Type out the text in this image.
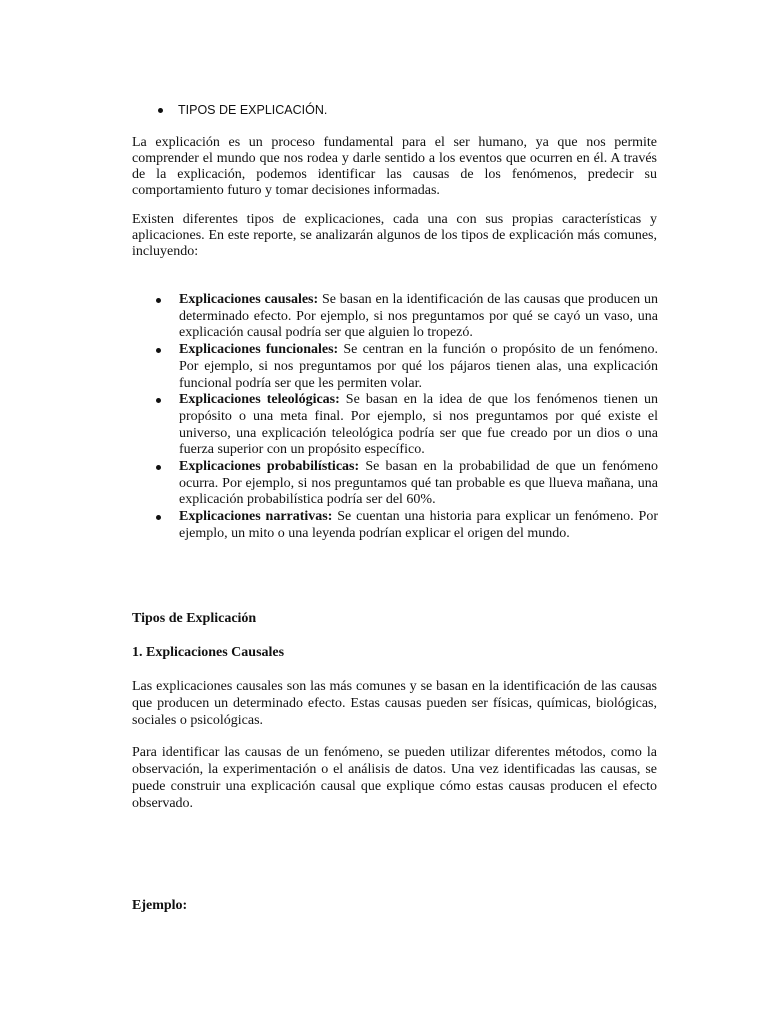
TIPOS DE EXPLICACIÓN.

La explicación es un proceso fundamental para el ser humano, ya que nos permite comprender el mundo que nos rodea y darle sentido a los eventos que ocurren en él. A través de la explicación, podemos identificar las causas de los fenómenos, predecir su comportamiento futuro y tomar decisiones informadas.

Existen diferentes tipos de explicaciones, cada una con sus propias características y aplicaciones. En este reporte, se analizarán algunos de los tipos de explicación más comunes, incluyendo:

Explicaciones causales: Se basan en la identificación de las causas que producen un determinado efecto. Por ejemplo, si nos preguntamos por qué se cayó un vaso, una explicación causal podría ser que alguien lo tropezó.
Explicaciones funcionales: Se centran en la función o propósito de un fenómeno. Por ejemplo, si nos preguntamos por qué los pájaros tienen alas, una explicación funcional podría ser que les permiten volar.
Explicaciones teleológicas: Se basan en la idea de que los fenómenos tienen un propósito o una meta final. Por ejemplo, si nos preguntamos por qué existe el universo, una explicación teleológica podría ser que fue creado por un dios o una fuerza superior con un propósito específico.
Explicaciones probabilísticas: Se basan en la probabilidad de que un fenómeno ocurra. Por ejemplo, si nos preguntamos qué tan probable es que llueva mañana, una explicación probabilística podría ser del 60%.
Explicaciones narrativas: Se cuentan una historia para explicar un fenómeno. Por ejemplo, un mito o una leyenda podrían explicar el origen del mundo.
Tipos de Explicación
1. Explicaciones Causales

Las explicaciones causales son las más comunes y se basan en la identificación de las causas que producen un determinado efecto. Estas causas pueden ser físicas, químicas, biológicas, sociales o psicológicas.

Para identificar las causas de un fenómeno, se pueden utilizar diferentes métodos, como la observación, la experimentación o el análisis de datos. Una vez identificadas las causas, se puede construir una explicación causal que explique cómo estas causas producen el efecto observado.

Ejemplo:
